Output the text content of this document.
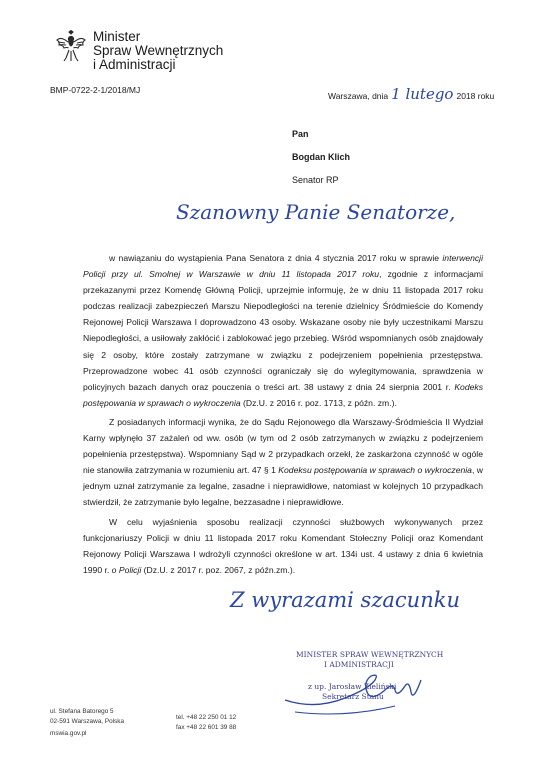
Minister
Spraw Wewnętrznych
i Administracji
BMP-0722-2-1/2018/MJ
Warszawa, dnia 1 lutego 2018 roku
Pan
Bogdan Klich
Senator RP
Szanowny Panie Senatorze,

w nawiązaniu do wystąpienia Pana Senatora z dnia 4 stycznia 2017 roku w sprawie interwencji Policji przy ul. Smolnej w Warszawie w dniu 11 listopada 2017 roku, zgodnie z informacjami przekazanymi przez Komendę Główną Policji, uprzejmie informuję, że w dniu 11 listopada 2017 roku podczas realizacji zabezpieczeń Marszu Niepodległości na terenie dzielnicy Śródmieście do Komendy Rejonowej Policji Warszawa I doprowadzono 43 osoby. Wskazane osoby nie były uczestnikami Marszu Niepodległości, a usiłowały zakłócić i zablokować jego przebieg. Wśród wspomnianych osób znajdowały się 2 osoby, które zostały zatrzymane w związku z podejrzeniem popełnienia przestępstwa. Przeprowadzone wobec 41 osób czynności ograniczały się do wylegitymowania, sprawdzenia w policyjnych bazach danych oraz pouczenia o treści art. 38 ustawy z dnia 24 sierpnia 2001 r. Kodeks postępowania w sprawach o wykroczenia (Dz.U. z 2016 r. poz. 1713, z późn. zm.).

Z posiadanych informacji wynika, że do Sądu Rejonowego dla Warszawy-Śródmieścia II Wydział Karny wpłynęło 37 zażaleń od ww. osób (w tym od 2 osób zatrzymanych w związku z podejrzeniem popełnienia przestępstwa). Wspomniany Sąd w 2 przypadkach orzekł, że zaskarżona czynność w ogóle nie stanowiła zatrzymania w rozumieniu art. 47 § 1 Kodeksu postępowania w sprawach o wykroczenia, w jednym uznał zatrzymanie za legalne, zasadne i nieprawidłowe, natomiast w kolejnych 10 przypadkach stwierdził, że zatrzymanie było legalne, bezzasadne i nieprawidłowe.

W celu wyjaśnienia sposobu realizacji czynności służbowych wykonywanych przez funkcjonariuszy Policji w dniu 11 listopada 2017 roku Komendant Stołeczny Policji oraz Komendant Rejonowy Policji Warszawa I wdrożyli czynności określone w art. 134i ust. 4 ustawy z dnia 6 kwietnia 1990 r. o Policji (Dz.U. z 2017 r. poz. 2067, z późn.zm.).

Z wyrazami szacunku
MINISTER SPRAW WEWNĘTRZNYCH
I ADMINISTRACJI
z up. Jarosław Zieliński
Sekretarz Stanu
ul. Stefana Batorego 5
02-591 Warszawa, Polska
mswia.gov.pl
tel. +48 22 250 01 12
fax +48 22 601 39 88
